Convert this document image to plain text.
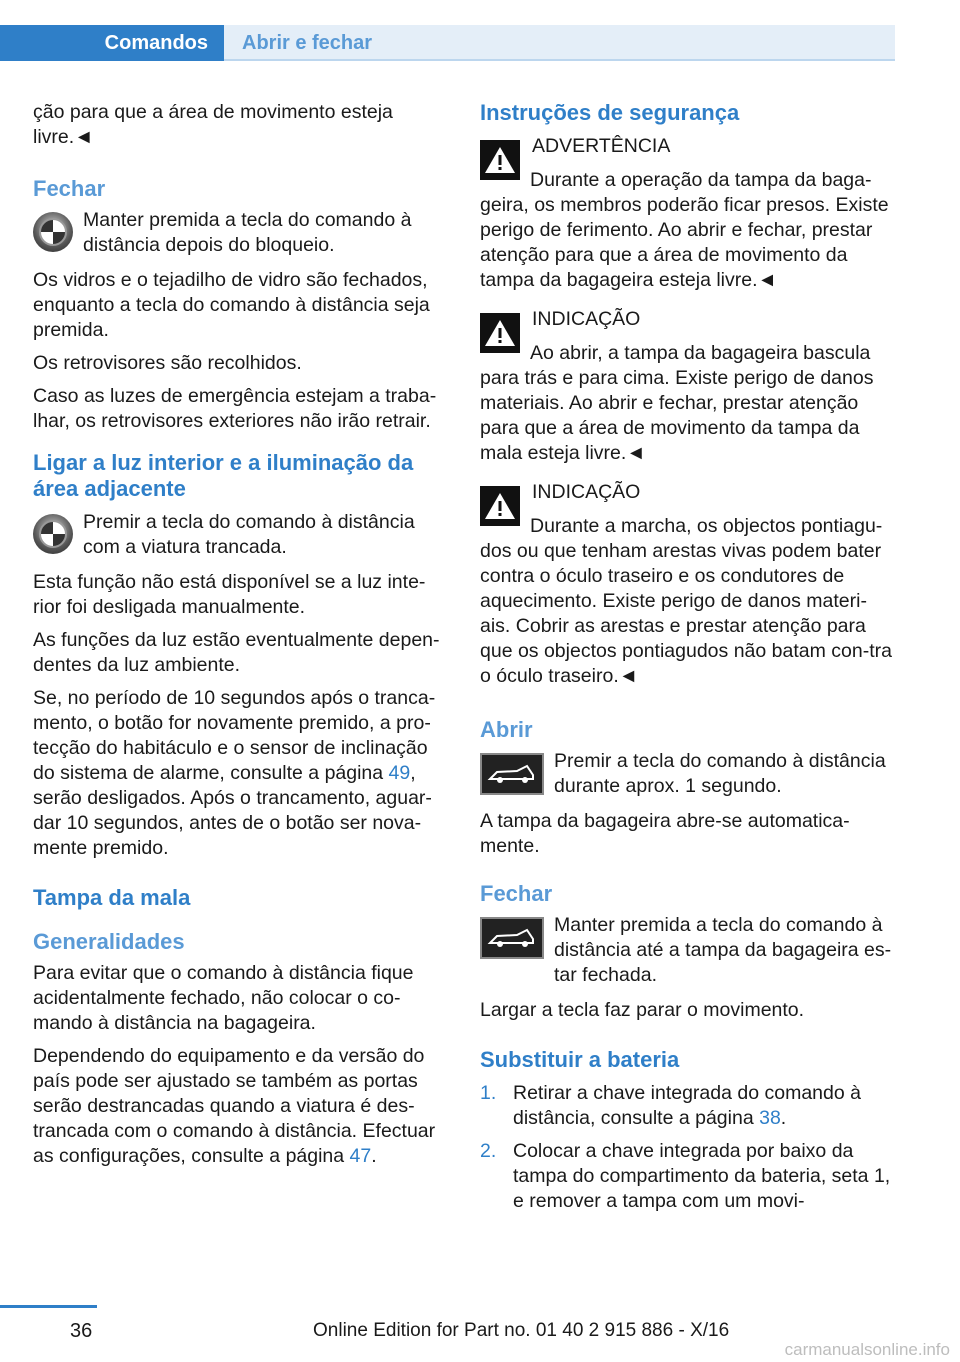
Comandos	Abrir e fechar

ção para que a área de movimento esteja livre.◄

Fechar
Manter premida a tecla do comando à distância depois do bloqueio.

Os vidros e o tejadilho de vidro são fechados, enquanto a tecla do comando à distância seja premida.

Os retrovisores são recolhidos.

Caso as luzes de emergência estejam a traba-lhar, os retrovisores exteriores não irão retrair.

Ligar a luz interior e a iluminação da área adjacente
Premir a tecla do comando à distância com a viatura trancada.

Esta função não está disponível se a luz inte-rior foi desligada manualmente.

As funções da luz estão eventualmente depen-dentes da luz ambiente.

Se, no período de 10 segundos após o tranca-mento, o botão for novamente premido, a pro-tecção do habitáculo e o sensor de inclinação do sistema de alarme, consulte a página 49, serão desligados. Após o trancamento, aguar-dar 10 segundos, antes de o botão ser nova-mente premido.

Tampa da mala
Generalidades

Para evitar que o comando à distância fique acidentalmente fechado, não colocar o co-mando à distância na bagageira.

Dependendo do equipamento e da versão do país pode ser ajustado se também as portas serão destrancadas quando a viatura é des-trancada com o comando à distância. Efectuar as configurações, consulte a página 47.

Instruções de segurança
ADVERTÊNCIA
Durante a operação da tampa da baga-geira, os membros poderão ficar presos. Existe perigo de ferimento. Ao abrir e fechar, prestar atenção para que a área de movimento da tampa da bagageira esteja livre.◄
INDICAÇÃO
Ao abrir, a tampa da bagageira bascula para trás e para cima. Existe perigo de danos materiais. Ao abrir e fechar, prestar atenção para que a área de movimento da tampa da mala esteja livre.◄
INDICAÇÃO
Durante a marcha, os objectos pontiagu-dos ou que tenham arestas vivas podem bater contra o óculo traseiro e os condutores de aquecimento. Existe perigo de danos materi-ais. Cobrir as arestas e prestar atenção para que os objectos pontiagudos não batam con-tra o óculo traseiro.◄
Abrir
Premir a tecla do comando à distância durante aprox. 1 segundo.

A tampa da bagageira abre-se automatica-mente.

Fechar
Manter premida a tecla do comando à distância até a tampa da bagageira es-tar fechada.

Largar a tecla faz parar o movimento.

Substituir a bateria
1. Retirar a chave integrada do comando à distância, consulte a página 38.
2. Colocar a chave integrada por baixo da tampa do compartimento da bateria, seta 1, e remover a tampa com um movi-
36	Online Edition for Part no. 01 40 2 915 886 - X/16
carmanualsonline.info
